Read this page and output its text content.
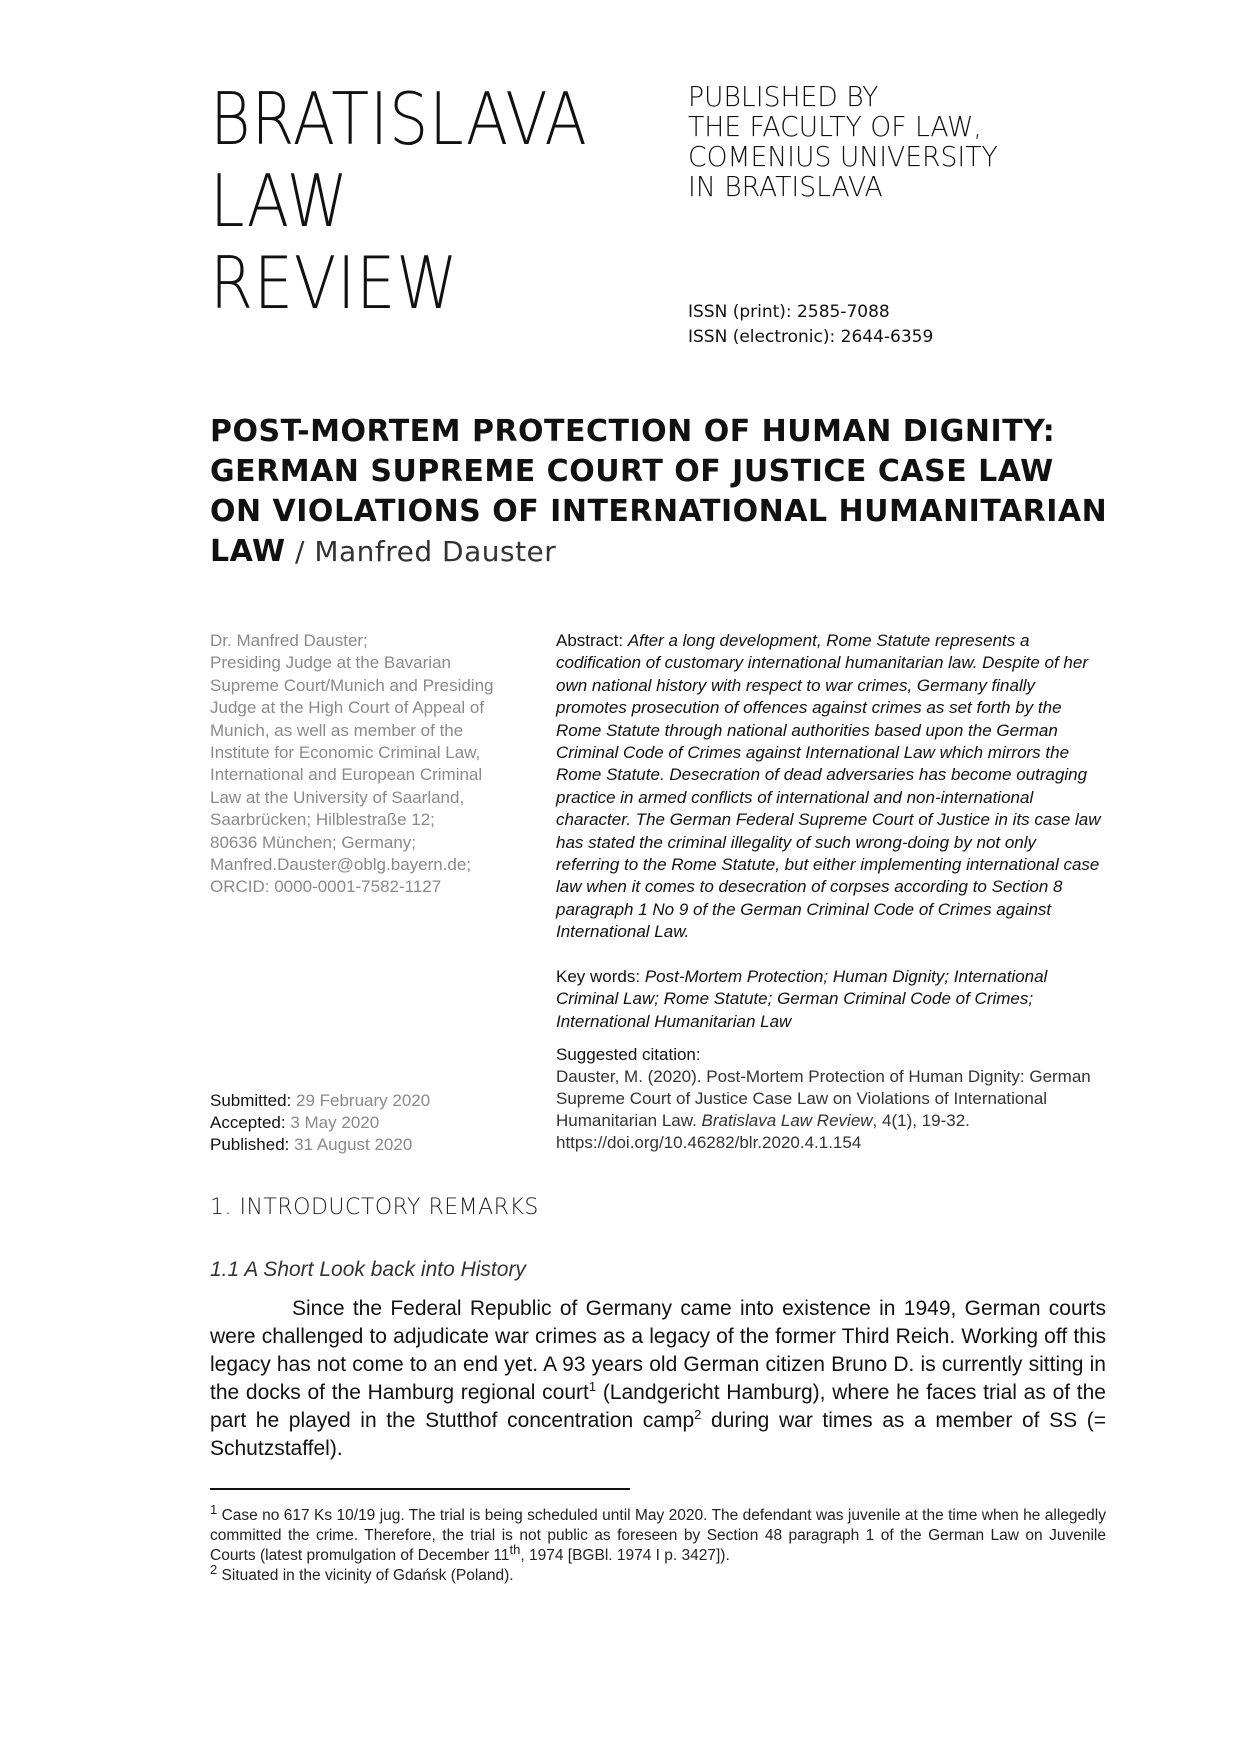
BRATISLAVA
LAW
REVIEW
PUBLISHED BY
THE FACULTY OF LAW,
COMENIUS UNIVERSITY
IN BRATISLAVA
ISSN (print): 2585-7088
ISSN (electronic): 2644-6359
POST-MORTEM PROTECTION OF HUMAN DIGNITY: GERMAN SUPREME COURT OF JUSTICE CASE LAW ON VIOLATIONS OF INTERNATIONAL HUMANITARIAN LAW / Manfred Dauster
Dr. Manfred Dauster;
Presiding Judge at the Bavarian
Supreme Court/Munich and Presiding
Judge at the High Court of Appeal of
Munich, as well as member of the
Institute for Economic Criminal Law,
International and European Criminal
Law at the University of Saarland,
Saarbrücken; Hilblestraße 12;
80636 München; Germany;
Manfred.Dauster@oblg.bayern.de;
ORCID: 0000-0001-7582-1127
Submitted: 29 February 2020
Accepted: 3 May 2020
Published: 31 August 2020
Abstract: After a long development, Rome Statute represents a codification of customary international humanitarian law. Despite of her own national history with respect to war crimes, Germany finally promotes prosecution of offences against crimes as set forth by the Rome Statute through national authorities based upon the German Criminal Code of Crimes against International Law which mirrors the Rome Statute. Desecration of dead adversaries has become outraging practice in armed conflicts of international and non-international character. The German Federal Supreme Court of Justice in its case law has stated the criminal illegality of such wrong-doing by not only referring to the Rome Statute, but either implementing international case law when it comes to desecration of corpses according to Section 8 paragraph 1 No 9 of the German Criminal Code of Crimes against International Law.
Key words: Post-Mortem Protection; Human Dignity; International Criminal Law; Rome Statute; German Criminal Code of Crimes; International Humanitarian Law
Suggested citation:
Dauster, M. (2020). Post-Mortem Protection of Human Dignity: German Supreme Court of Justice Case Law on Violations of International Humanitarian Law. Bratislava Law Review, 4(1), 19-32. https://doi.org/10.46282/blr.2020.4.1.154
1. INTRODUCTORY REMARKS
1.1 A Short Look back into History
Since the Federal Republic of Germany came into existence in 1949, German courts were challenged to adjudicate war crimes as a legacy of the former Third Reich. Working off this legacy has not come to an end yet. A 93 years old German citizen Bruno D. is currently sitting in the docks of the Hamburg regional court$^1$ (Landgericht Hamburg), where he faces trial as of the part he played in the Stutthof concentration camp$^2$ during war times as a member of SS (= Schutzstaffel).

$^1$ Case no 617 Ks 10/19 jug. The trial is being scheduled until May 2020. The defendant was juvenile at the time when he allegedly committed the crime. Therefore, the trial is not public as foreseen by Section 48 paragraph 1 of the German Law on Juvenile Courts (latest promulgation of December 11th, 1974 [BGBl. 1974 I p. 3427]).

$^2$ Situated in the vicinity of Gdańsk (Poland).
